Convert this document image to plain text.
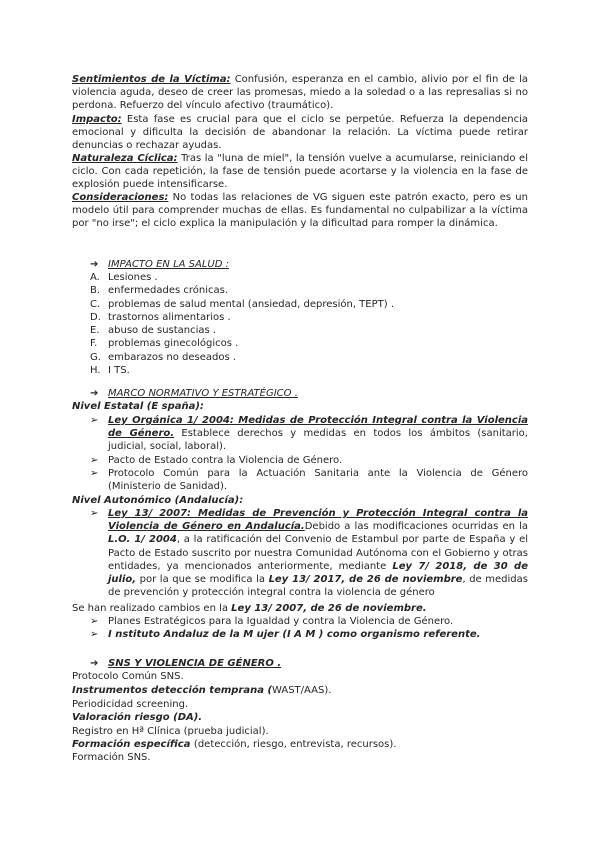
Sentimientos de la Víctima: Confusión, esperanza en el cambio, alivio por el fin de la violencia aguda, deseo de creer las promesas, miedo a la soledad o a las represalias si no perdona. Refuerzo del vínculo afectivo (traumático).

Impacto: Esta fase es crucial para que el ciclo se perpetúe. Refuerza la dependencia emocional y dificulta la decisión de abandonar la relación. La víctima puede retirar denuncias o rechazar ayudas.

Naturaleza Cíclica: Tras la "luna de miel", la tensión vuelve a acumularse, reiniciando el ciclo. Con cada repetición, la fase de tensión puede acortarse y la violencia en la fase de explosión puede intensificarse.

Consideraciones: No todas las relaciones de VG siguen este patrón exacto, pero es un modelo útil para comprender muchas de ellas. Es fundamental no culpabilizar a la víctima por "no irse"; el ciclo explica la manipulación y la dificultad para romper la dinámica.

➔ IMPACTO EN LA SALUD :
A. Lesiones .
B. enfermedades crónicas.
C. problemas de salud mental (ansiedad, depresión, TEPT) .
D. trastornos alimentarios .
E. abuso de sustancias .
F. problemas ginecológicos .
G. embarazos no deseados .
H. I TS.
➔ MARCO NORMATIVO Y ESTRATÉGICO .
Nivel Estatal (E spaña):
➢ Ley Orgánica 1/ 2004: Medidas de Protección Integral contra la Violencia de Género. Establece derechos y medidas en todos los ámbitos (sanitario, judicial, social, laboral).
➢ Pacto de Estado contra la Violencia de Género.
➢ Protocolo Común para la Actuación Sanitaria ante la Violencia de Género (Ministerio de Sanidad).
Nivel Autonómico (Andalucía):
➢ Ley 13/ 2007: Medidas de Prevención y Protección Integral contra la Violencia de Género en Andalucía.Debido a las modificaciones ocurridas en la L.O. 1/ 2004, a la ratificación del Convenio de Estambul por parte de España y el Pacto de Estado suscrito por nuestra Comunidad Autónoma con el Gobierno y otras entidades, ya mencionados anteriormente, mediante Ley 7/ 2018, de 30 de julio, por la que se modifica la Ley 13/ 2017, de 26 de noviembre, de medidas de prevención y protección integral contra la violencia de género
Se han realizado cambios en la Ley 13/ 2007, de 26 de noviembre.
➢ Planes Estratégicos para la Igualdad y contra la Violencia de Género.
➢ I nstituto Andaluz de la M ujer (I A M ) como organismo referente.
➔ SNS Y VIOLENCIA DE GÉNERO .
Protocolo Común SNS.
Instrumentos detección temprana (WAST/AAS).
Periodicidad screening.
Valoración riesgo (DA).
Registro en Hª Clínica (prueba judicial).
Formación específica (detección, riesgo, entrevista, recursos).
Formación SNS.
